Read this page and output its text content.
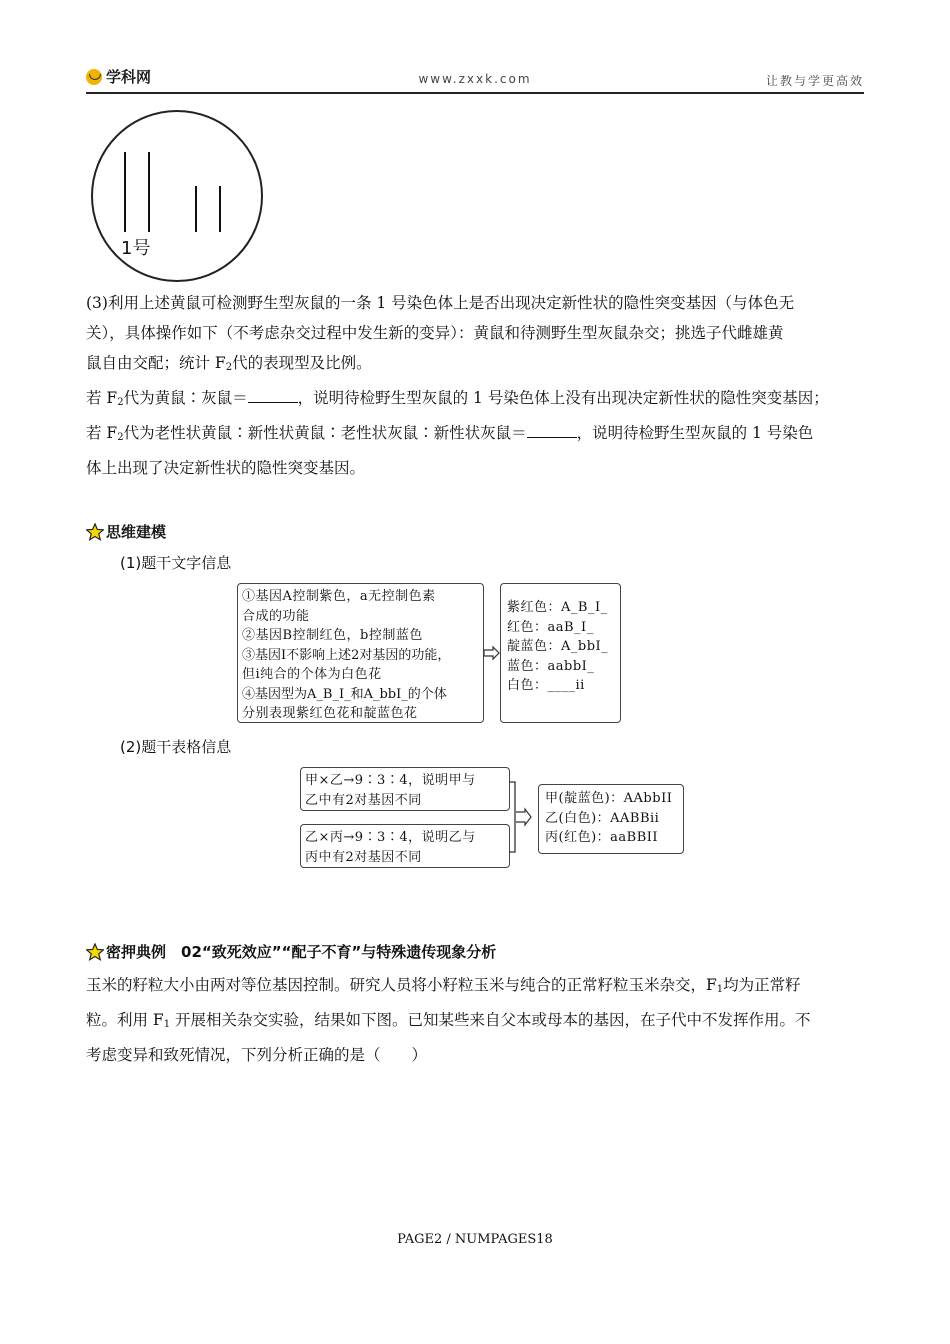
学科网	www.zxxk.com	让教与学更高效
1号
(3)利用上述黄鼠可检测野生型灰鼠的一条 1 号染色体上是否出现决定新性状的隐性突变基因（与体色无
关），具体操作如下（不考虑杂交过程中发生新的变异）：黄鼠和待测野生型灰鼠杂交；挑选子代雌雄黄
鼠自由交配；统计 $F_2$代的表现型及比例。
若 $F_2$代为黄鼠∶灰鼠＝	，说明待检野生型灰鼠的 1 号染色体上没有出现决定新性状的隐性突变基因；
若 $F_2$代为老性状黄鼠∶新性状黄鼠∶老性状灰鼠∶新性状灰鼠＝	，说明待检野生型灰鼠的 1 号染色
体上出现了决定新性状的隐性突变基因。
思维建模
(1)题干文字信息
①基因A控制紫色，a无控制色素
合成的功能
②基因B控制红色，b控制蓝色
③基因I不影响上述2对基因的功能，
但i纯合的个体为白色花
④基因型为A_B_I_和A_bbI_的个体
分别表现紫红色花和靛蓝色花
紫红色：A_B_I_
红色：aaB_I_
靛蓝色：A_bbI_
蓝色：aabbI_
白色：____ii
(2)题干表格信息
甲×乙→9∶3∶4，说明甲与
乙中有2对基因不同
乙×丙→9∶3∶4，说明乙与
丙中有2对基因不同
甲(靛蓝色)：AAbbII
乙(白色)：AABBii
丙(红色)：aaBBII
密押典例　02“致死效应”“配子不育”与特殊遗传现象分析
玉米的籽粒大小由两对等位基因控制。研究人员将小籽粒玉米与纯合的正常籽粒玉米杂交，$F_1$均为正常籽
粒。利用 $F_1$ 开展相关杂交实验，结果如下图。已知某些来自父本或母本的基因，在子代中不发挥作用。不
考虑变异和致死情况，下列分析正确的是（　　）
PAGE2 / NUMPAGES18
